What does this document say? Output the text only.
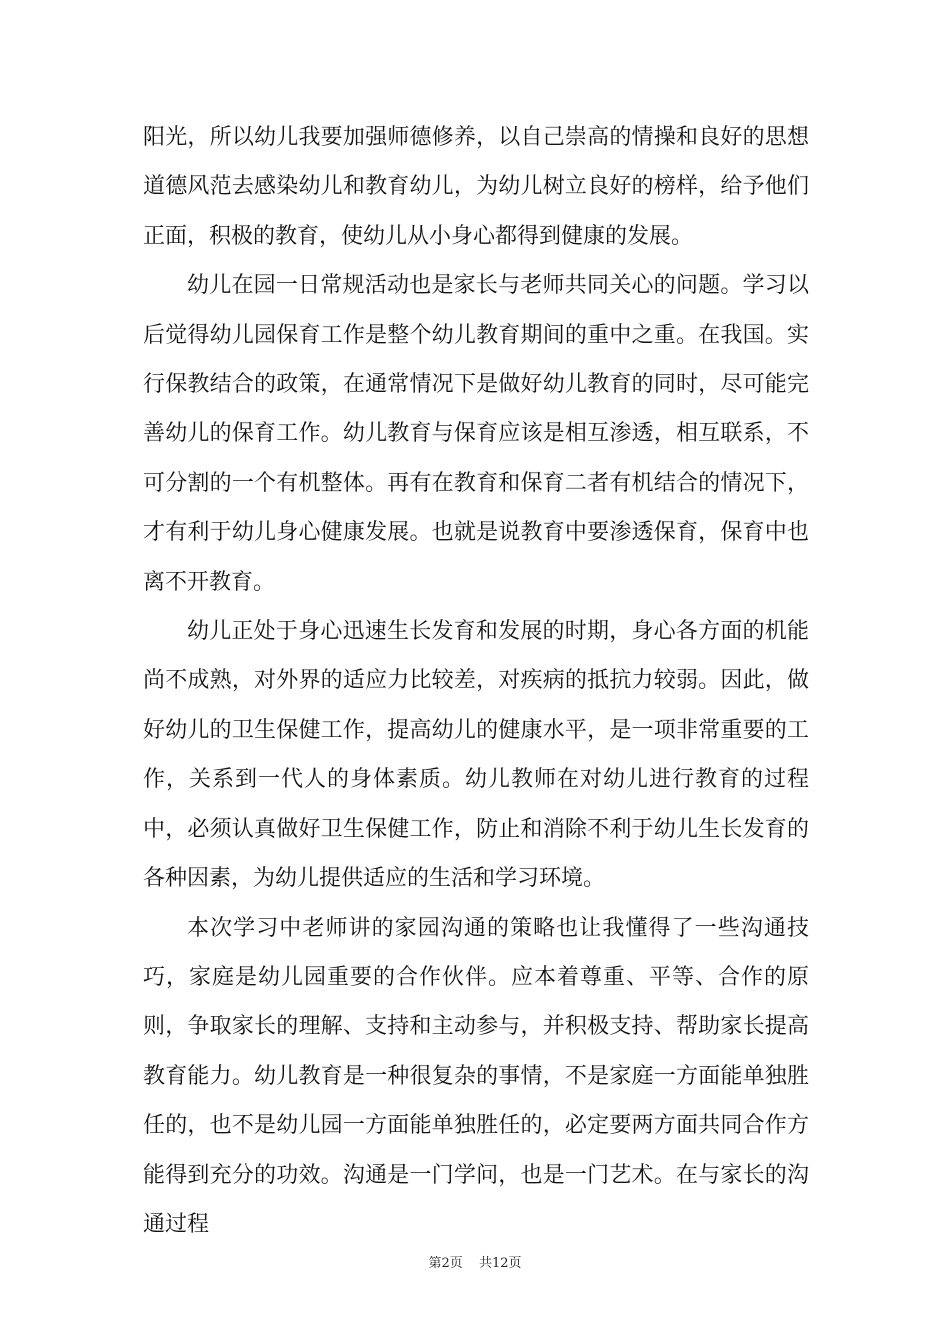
阳光，所以幼儿我要加强师德修养，以自己崇高的情操和良好的思想道德风范去感染幼儿和教育幼儿，为幼儿树立良好的榜样，给予他们正面，积极的教育，使幼儿从小身心都得到健康的发展。

幼儿在园一日常规活动也是家长与老师共同关心的问题。学习以后觉得幼儿园保育工作是整个幼儿教育期间的重中之重。在我国。实行保教结合的政策，在通常情况下是做好幼儿教育的同时，尽可能完善幼儿的保育工作。幼儿教育与保育应该是相互渗透，相互联系，不可分割的一个有机整体。再有在教育和保育二者有机结合的情况下，才有利于幼儿身心健康发展。也就是说教育中要渗透保育，保育中也离不开教育。

幼儿正处于身心迅速生长发育和发展的时期，身心各方面的机能尚不成熟，对外界的适应力比较差，对疾病的抵抗力较弱。因此，做好幼儿的卫生保健工作，提高幼儿的健康水平，是一项非常重要的工作，关系到一代人的身体素质。幼儿教师在对幼儿进行教育的过程中，必须认真做好卫生保健工作，防止和消除不利于幼儿生长发育的各种因素，为幼儿提供适应的生活和学习环境。

本次学习中老师讲的家园沟通的策略也让我懂得了一些沟通技巧，家庭是幼儿园重要的合作伙伴。应本着尊重、平等、合作的原则，争取家长的理解、支持和主动参与，并积极支持、帮助家长提高教育能力。幼儿教育是一种很复杂的事情，不是家庭一方面能单独胜任的，也不是幼儿园一方面能单独胜任的，必定要两方面共同合作方能得到充分的功效。沟通是一门学问，也是一门艺术。在与家长的沟通过程

第2页 共12页
